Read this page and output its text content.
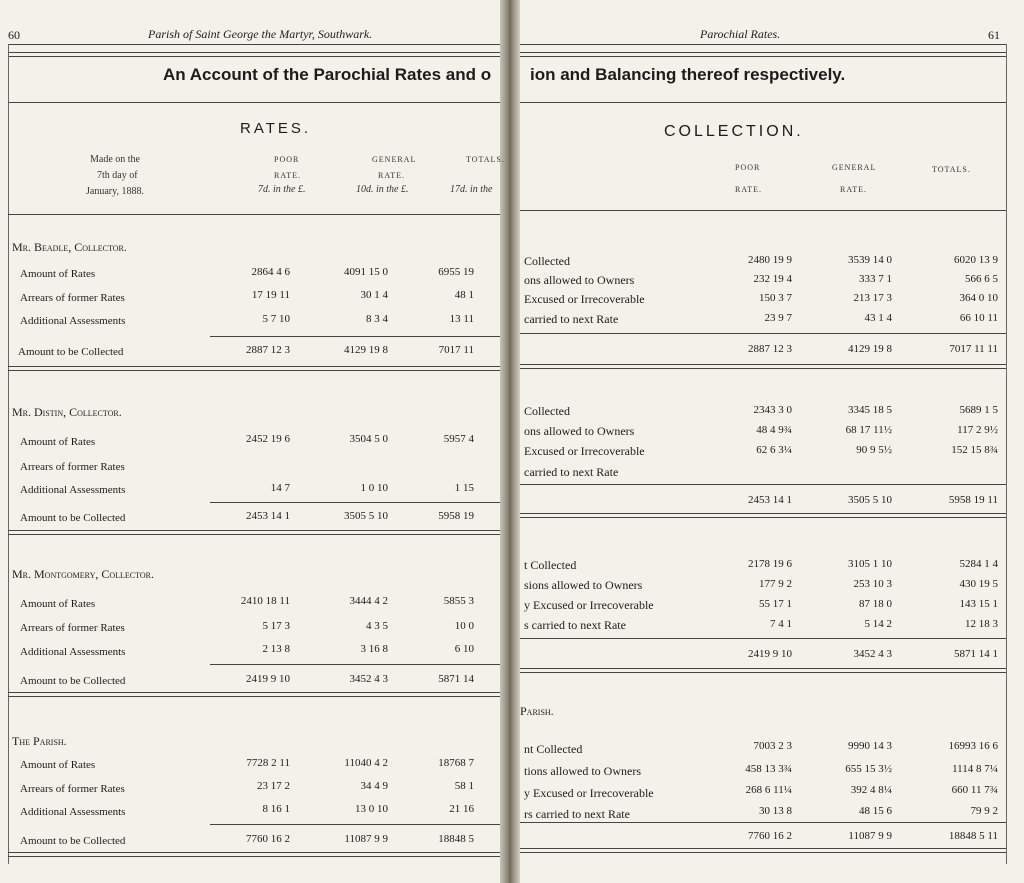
60	Parish of Saint George the Martyr, Southwark.	Parochial Rates.	61
An Account of the Parochial Rates and o ion and Balancing thereof respectively.
RATES.	COLLECTION.
Made on the
7th day of
January, 1888.
POOR
RATE.
7d. in the £.
GENERAL
RATE.
10d. in the £.
TOTALS.
17d. in the
POOR
RATE.
GENERAL
RATE.
TOTALS.
Mr. Beadle, Collector.
Amount of Rates	2864 4 6	4091 15 0	6955 19
Arrears of former Rates	17 19 11	30 1 4	48 1
Additional Assessments	5 7 10	8 3 4	13 11
Amount to be Collected	2887 12 3	4129 19 8	7017 11
Mr. Distin, Collector.
Amount of Rates	2452 19 6	3504 5 0	5957 4
Arrears of former Rates
Additional Assessments	14 7	1 0 10	1 15
Amount to be Collected	2453 14 1	3505 5 10	5958 19
Mr. Montgomery, Collector.
Amount of Rates	2410 18 11	3444 4 2	5855 3
Arrears of former Rates	5 17 3	4 3 5	10 0
Additional Assessments	2 13 8	3 16 8	6 10
Amount to be Collected	2419 9 10	3452 4 3	5871 14
The Parish.
Amount of Rates	7728 2 11	11040 4 2	18768 7
Arrears of former Rates	23 17 2	34 4 9	58 1
Additional Assessments	8 16 1	13 0 10	21 16
Amount to be Collected	7760 16 2	11087 9 9	18848 5
Collected	2480 19 9	3539 14 0	6020 13 9
ons allowed to Owners	232 19 4	333 7 1	566 6 5
Excused or Irrecoverable	150 3 7	213 17 3	364 0 10
carried to next Rate	23 9 7	43 1 4	66 10 11
2887 12 3	4129 19 8	7017 11 11
Collected	2343 3 0	3345 18 5	5689 1 5
ons allowed to Owners	48 4 9¾	68 17 11½	117 2 9½
Excused or Irrecoverable	62 6 3¼	90 9 5½	152 15 8¾
carried to next Rate
2453 14 1	3505 5 10	5958 19 11
t Collected	2178 19 6	3105 1 10	5284 1 4
sions allowed to Owners	177 9 2	253 10 3	430 19 5
y Excused or Irrecoverable	55 17 1	87 18 0	143 15 1
s carried to next Rate	7 4 1	5 14 2	12 18 3
2419 9 10	3452 4 3	5871 14 1
Parish.
nt Collected	7003 2 3	9990 14 3	16993 16 6
tions allowed to Owners	458 13 3¾	655 15 3½	1114 8 7¼
y Excused or Irrecoverable	268 6 11¼	392 4 8¼	660 11 7¾
rs carried to next Rate	30 13 8	48 15 6	79 9 2
7760 16 2	11087 9 9	18848 5 11
